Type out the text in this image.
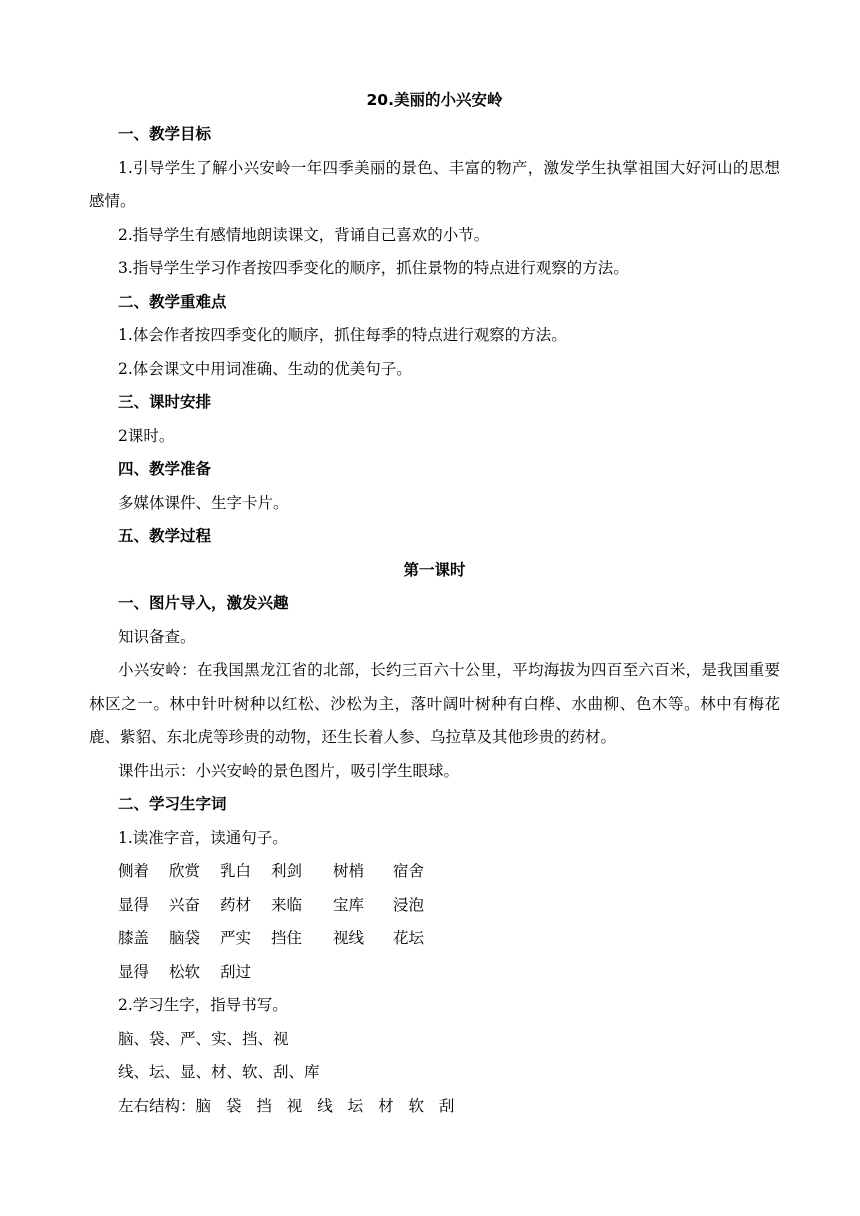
20.美丽的小兴安岭
一、教学目标
1.引导学生了解小兴安岭一年四季美丽的景色、丰富的物产，激发学生执掌祖国大好河山的思想感情。
2.指导学生有感情地朗读课文，背诵自己喜欢的小节。
3.指导学生学习作者按四季变化的顺序，抓住景物的特点进行观察的方法。
二、教学重难点
1.体会作者按四季变化的顺序，抓住每季的特点进行观察的方法。
2.体会课文中用词准确、生动的优美句子。
三、课时安排
2课时。
四、教学准备
多媒体课件、生字卡片。
五、教学过程
第一课时
一、图片导入，激发兴趣
知识备查。
小兴安岭：在我国黑龙江省的北部，长约三百六十公里，平均海拔为四百至六百米，是我国重要林区之一。林中针叶树种以红松、沙松为主，落叶阔叶树种有白桦、水曲柳、色木等。林中有梅花鹿、紫貂、东北虎等珍贵的动物，还生长着人参、乌拉草及其他珍贵的药材。
课件出示：小兴安岭的景色图片，吸引学生眼球。
二、学习生字词
1.读准字音，读通句子。
侧着	欣赏	乳白	利剑	树梢	宿舍
显得	兴奋	药材	来临	宝库	浸泡
膝盖	脑袋	严实	挡住	视线	花坛
显得	松软	刮过
2.学习生字，指导书写。
脑、袋、严、实、挡、视
线、坛、显、材、软、刮、库
左右结构：脑 袋 挡 视 线 坛 材 软 刮
